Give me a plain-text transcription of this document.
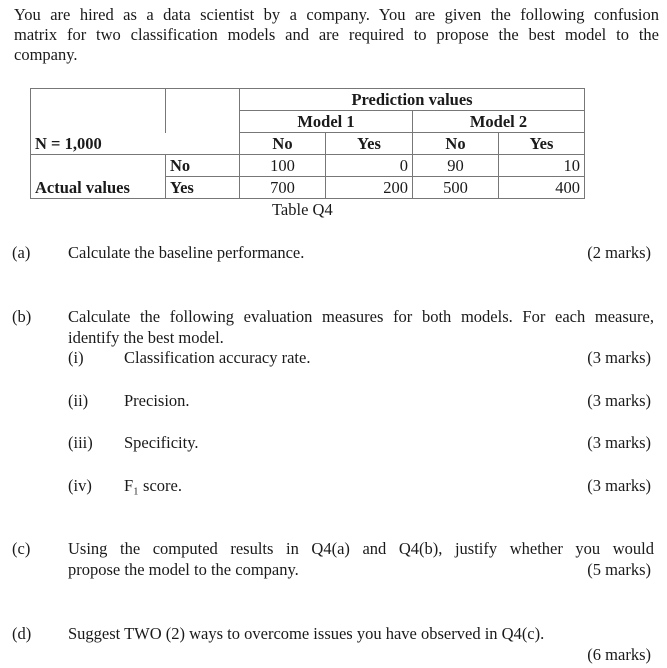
You are hired as a data scientist by a company. You are given the following confusion
matrix for two classification models and are required to propose the best model to the
company.
		Prediction values			
		Model 1		Model 2	
N = 1,000		No	Yes	No	Yes
	No	100	0	90	10
Actual values	Yes	700	200	500	400
Table Q4
(a) Calculate the baseline performance.	(2 marks)
(b) Calculate the following evaluation measures for both models. For each measure,
identify the best model.
(i) Classification accuracy rate.	(3 marks)
(ii) Precision.	(3 marks)
(iii) Specificity.	(3 marks)
(iv) F₁ score.	(3 marks)
(c) Using the computed results in Q4(a) and Q4(b), justify whether you would
propose the model to the company.	(5 marks)
(d) Suggest TWO (2) ways to overcome issues you have observed in Q4(c).
(6 marks)
